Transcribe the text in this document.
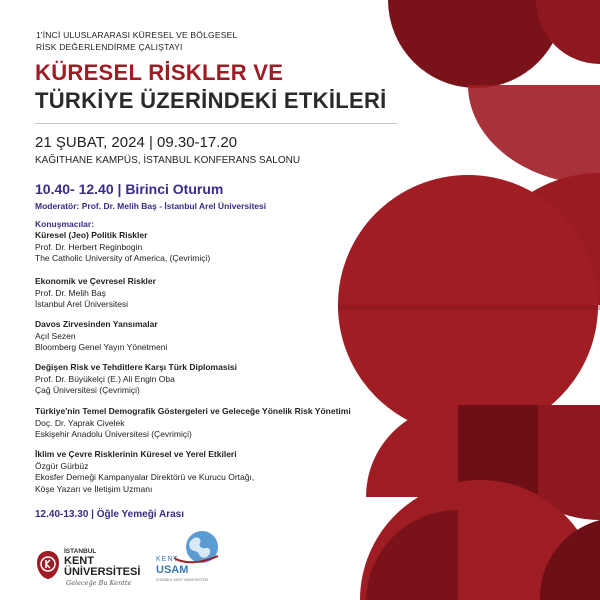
1'İNCİ ULUSLARARASI KÜRESEL VE BÖLGESEL
RİSK DEĞERLENDİRME ÇALIŞTAYI
KÜRESEL RİSKLER VE
TÜRKİYE ÜZERİNDEKİ ETKİLERİ
21 ŞUBAT, 2024 | 09.30-17.20
KAĞITHANE KAMPÜS, İSTANBUL KONFERANS SALONU
10.40- 12.40 | Birinci Oturum
Moderatör: Prof. Dr. Melih Baş - İstanbul Arel Üniversitesi
Konuşmacılar:
Küresel (Jeo) Politik Riskler
Prof. Dr. Herbert Reginbogin
The Catholic University of America, (Çevrimiçi)
Ekonomik ve Çevresel Riskler
Prof. Dr. Melih Baş
İstanbul Arel Üniversitesi
Davos Zirvesinden Yansımalar
Açıl Sezen
Bloomberg Genel Yayın Yönetmeni
Değişen Risk ve Tehditlere Karşı Türk Diplomasisi
Prof. Dr. Büyükelçi (E.) Ali Engin Oba
Çağ Üniversitesi (Çevrimiçi)
Türkiye'nin Temel Demografik Göstergeleri ve Geleceğe Yönelik Risk Yönetimi
Doç. Dr. Yaprak Civelek
Eskişehir Anadolu Üniversitesi (Çevrimiçi)
İklim ve Çevre Risklerinin Küresel ve Yerel Etkileri
Özgür Gürbüz
Ekosfer Derneği Kampanyalar Direktörü ve Kurucu Ortağı,
Köşe Yazarı ve İletişim Uzmanı
12.40-13.30 | Öğle Yemeği Arası
İSTANBUL
KENT
ÜNİVERSİTESİ
Geleceğe Bu Kentte
KENT
USAM
İSTANBUL KENT ÜNİVERSİTESİ
